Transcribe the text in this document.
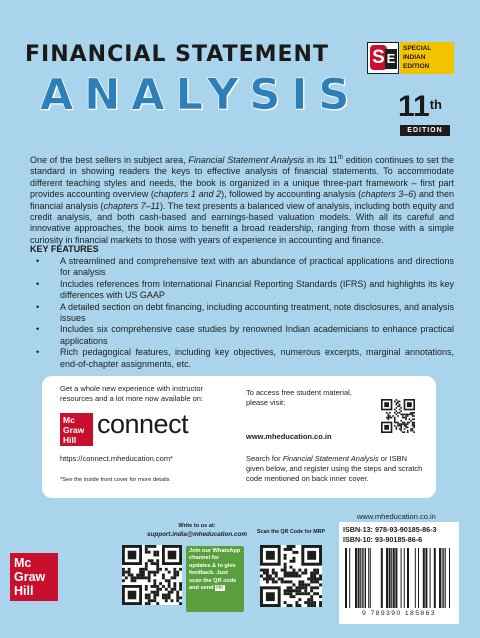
FINANCIAL STATEMENT
ANALYSIS
S E
SPECIAL
INDIAN
EDITION
11th
EDITION
One of the best sellers in subject area, Financial Statement Analysis in its 11th edition continues to set the standard in showing readers the keys to effective analysis of financial statements. To accommodate different teaching styles and needs, the book is organized in a unique three-part framework – first part provides accounting overview (chapters 1 and 2), followed by accounting analysis (chapters 3–6) and then financial analysis (chapters 7–11). The text presents a balanced view of analysis, including both equity and credit analysis, and both cash-based and earnings-based valuation models. With all its careful and innovative approaches, the book aims to benefit a broad readership, ranging from those with a simple curiosity in financial markets to those with years of experience in accounting and finance.
KEY FEATURES
• A streamlined and comprehensive text with an abundance of practical applications and directions for analysis
• Includes references from International Financial Reporting Standards (IFRS) and highlights its key differences with US GAAP
• A detailed section on debt financing, including accounting treatment, note disclosures, and analysis issues
• Includes six comprehensive case studies by renowned Indian academicians to enhance practical applications
• Rich pedagogical features, including key objectives, numerous excerpts, marginal annotations, end-of-chapter assignments, etc.
Get a whole new experience with instructor resources and a lot more now available on:
Mc
Graw
Hill
connect
https://connect.mheducation.com*
*See the inside front cover for more details
To access free student material, please visit:
www.mheducation.co.in
Search for Financial Statement Analysis or ISBN given below, and register using the steps and scratch code mentioned on back inner cover.
Mc
Graw
Hill
Write to us at:
support.india@mheducation.com
Join our WhatsApp channel for updates & to give feedback. Just scan the QR code and send Hi!
Scan the QR Code for MRP
www.mheducation.co.in
ISBN-13: 978-93-90185-86-3
ISBN-10: 93-90185-86-6
9 789390 185863
